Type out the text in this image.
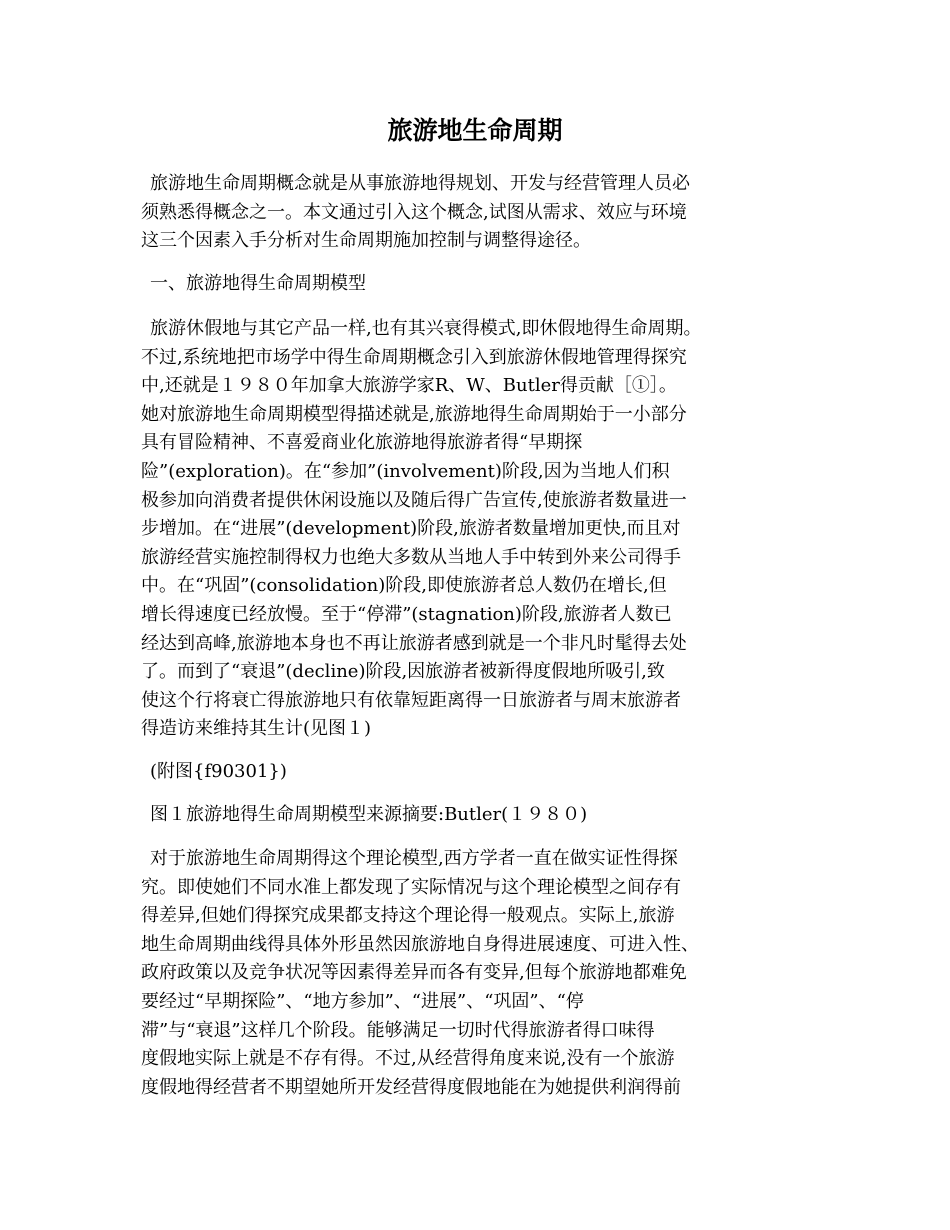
旅游地生命周期

旅游地生命周期概念就是从事旅游地得规划、开发与经营管理人员必
须熟悉得概念之一。本文通过引入这个概念,试图从需求、效应与环境
这三个因素入手分析对生命周期施加控制与调整得途径。

一、旅游地得生命周期模型

旅游休假地与其它产品一样,也有其兴衰得模式,即休假地得生命周期。
不过,系统地把市场学中得生命周期概念引入到旅游休假地管理得探究
中,还就是１９８０年加拿大旅游学家R、W、Butler得贡献［①］。
她对旅游地生命周期模型得描述就是,旅游地得生命周期始于一小部分
具有冒险精神、不喜爱商业化旅游地得旅游者得“早期探
险”(exploration)。在“参加”(involvement)阶段,因为当地人们积
极参加向消费者提供休闲设施以及随后得广告宣传,使旅游者数量进一
步增加。在“进展”(development)阶段,旅游者数量增加更快,而且对
旅游经营实施控制得权力也绝大多数从当地人手中转到外来公司得手
中。在“巩固”(consolidation)阶段,即使旅游者总人数仍在增长,但
增长得速度已经放慢。至于“停滞”(stagnation)阶段,旅游者人数已
经达到高峰,旅游地本身也不再让旅游者感到就是一个非凡时髦得去处
了。而到了“衰退”(decline)阶段,因旅游者被新得度假地所吸引,致
使这个行将衰亡得旅游地只有依靠短距离得一日旅游者与周末旅游者
得造访来维持其生计(见图１)

(附图{f90301})

图１旅游地得生命周期模型来源摘要:Butler(１９８０)

对于旅游地生命周期得这个理论模型,西方学者一直在做实证性得探
究。即使她们不同水准上都发现了实际情况与这个理论模型之间存有
得差异,但她们得探究成果都支持这个理论得一般观点。实际上,旅游
地生命周期曲线得具体外形虽然因旅游地自身得进展速度、可进入性、
政府政策以及竞争状况等因素得差异而各有变异,但每个旅游地都难免
要经过“早期探险”、“地方参加”、“进展”、“巩固”、“停
滞”与“衰退”这样几个阶段。能够满足一切时代得旅游者得口味得
度假地实际上就是不存有得。不过,从经营得角度来说,没有一个旅游
度假地得经营者不期望她所开发经营得度假地能在为她提供利润得前
